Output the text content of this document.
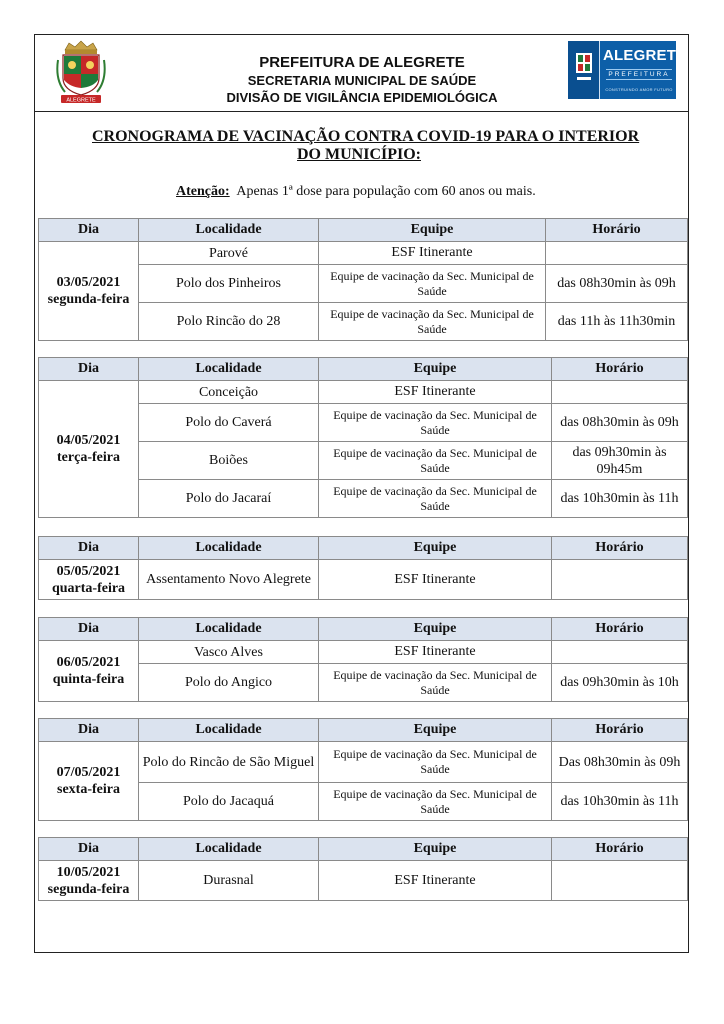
ALEGRETE
ALEGRETE
PREFEITURA
CONSTRUINDO AMOR FUTURO
PREFEITURA DE ALEGRETE
SECRETARIA MUNICIPAL DE SAÚDE
DIVISÃO DE VIGILÂNCIA EPIDEMIOLÓGICA
CRONOGRAMA DE VACINAÇÃO CONTRA COVID-19 PARA O INTERIOR
DO MUNICÍPIO:
Atenção: Apenas 1ª dose para população com 60 anos ou mais.
Dia	Localidade	Equipe	Horário

03/05/2021
segunda-feira	Parové	ESF Itinerante	
	Polo dos Pinheiros	Equipe de vacinação da Sec. Municipal de Saúde	das 08h30min às 09h
	Polo Rincão do 28	Equipe de vacinação da Sec. Municipal de Saúde	das 11h às 11h30min
Dia	Localidade	Equipe	Horário

04/05/2021
terça-feira	Conceição	ESF Itinerante	
	Polo do Caverá	Equipe de vacinação da Sec. Municipal de Saúde	das 08h30min às 09h
	Boiões	Equipe de vacinação da Sec. Municipal de Saúde	das 09h30min às 09h45m
	Polo do Jacaraí	Equipe de vacinação da Sec. Municipal de Saúde	das 10h30min às 11h
Dia	Localidade	Equipe	Horário

05/05/2021
quarta-feira	Assentamento Novo Alegrete	ESF Itinerante	
Dia	Localidade	Equipe	Horário

06/05/2021
quinta-feira	Vasco Alves	ESF Itinerante	
	Polo do Angico	Equipe de vacinação da Sec. Municipal de Saúde	das 09h30min às 10h
Dia	Localidade	Equipe	Horário

07/05/2021
sexta-feira	Polo do Rincão de São Miguel	Equipe de vacinação da Sec. Municipal de Saúde	Das 08h30min às 09h
	Polo do Jacaquá	Equipe de vacinação da Sec. Municipal de Saúde	das 10h30min às 11h
Dia	Localidade	Equipe	Horário

10/05/2021
segunda-feira	Durasnal	ESF Itinerante	
